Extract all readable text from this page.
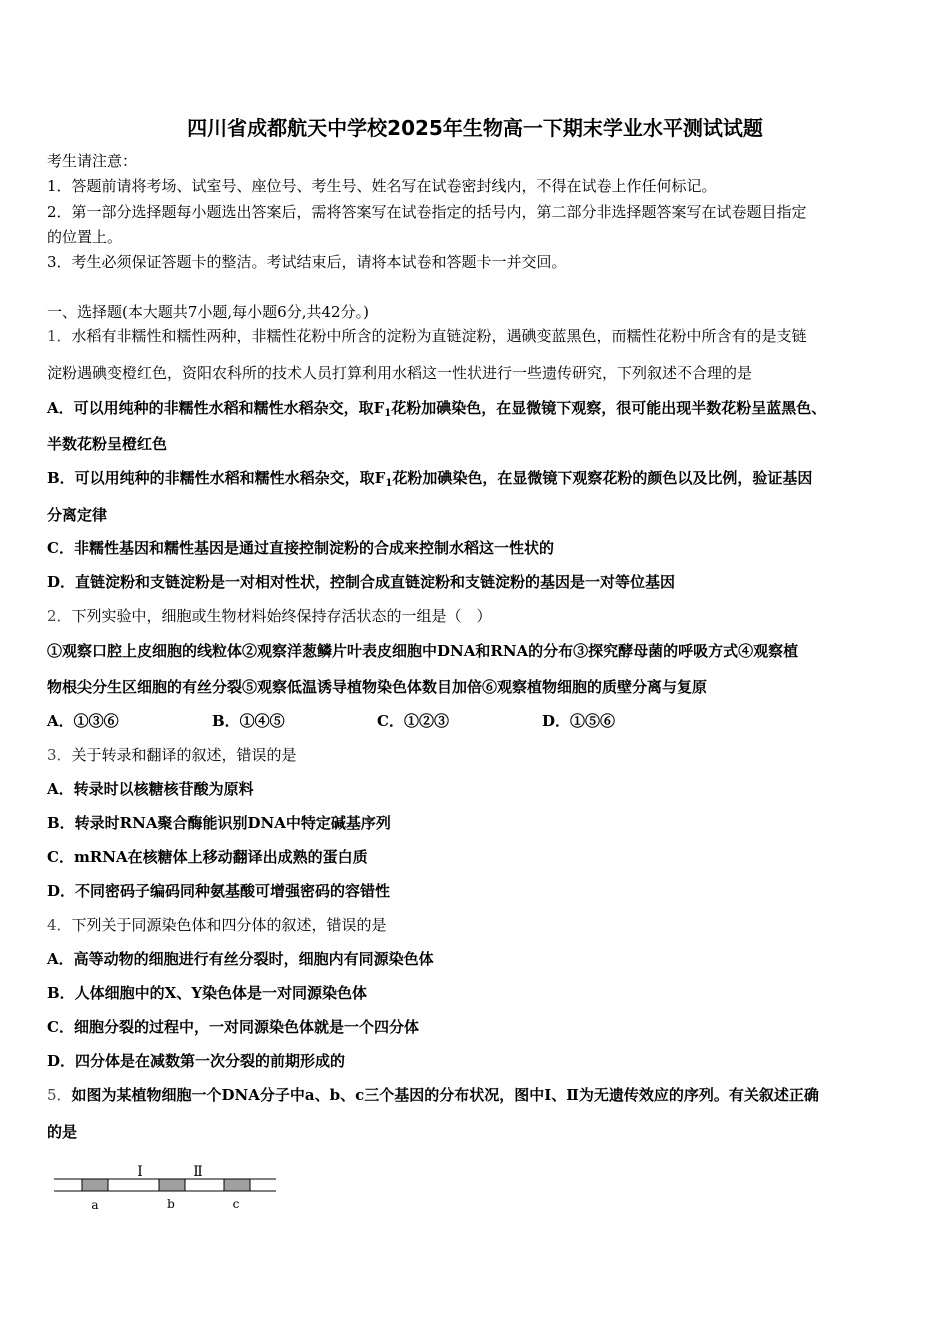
四川省成都航天中学校2025年生物高一下期末学业水平测试试题
考生请注意：
1．答题前请将考场、试室号、座位号、考生号、姓名写在试卷密封线内，不得在试卷上作任何标记。
2．第一部分选择题每小题选出答案后，需将答案写在试卷指定的括号内，第二部分非选择题答案写在试卷题目指定
的位置上。
3．考生必须保证答题卡的整洁。考试结束后，请将本试卷和答题卡一并交回。
一、选择题(本大题共7小题,每小题6分,共42分。)
1．水稻有非糯性和糯性两种，非糯性花粉中所含的淀粉为直链淀粉，遇碘变蓝黑色，而糯性花粉中所含有的是支链
淀粉遇碘变橙红色，资阳农科所的技术人员打算利用水稻这一性状进行一些遗传研究，下列叙述不合理的是
A．可以用纯种的非糯性水稻和糯性水稻杂交，取$F_1$花粉加碘染色，在显微镜下观察，很可能出现半数花粉呈蓝黑色、
半数花粉呈橙红色
B．可以用纯种的非糯性水稻和糯性水稻杂交，取$F_1$花粉加碘染色，在显微镜下观察花粉的颜色以及比例，验证基因
分离定律
C．非糯性基因和糯性基因是通过直接控制淀粉的合成来控制水稻这一性状的
D．直链淀粉和支链淀粉是一对相对性状，控制合成直链淀粉和支链淀粉的基因是一对等位基因
2．下列实验中，细胞或生物材料始终保持存活状态的一组是（　）
①观察口腔上皮细胞的线粒体②观察洋葱鳞片叶表皮细胞中DNA和RNA的分布③探究酵母菌的呼吸方式④观察植
物根尖分生区细胞的有丝分裂⑤观察低温诱导植物染色体数目加倍⑥观察植物细胞的质壁分离与复原
A．①③⑥	B．①④⑤	C．①②③	D．①⑤⑥
3．关于转录和翻译的叙述，错误的是
A．转录时以核糖核苷酸为原料
B．转录时RNA聚合酶能识别DNA中特定碱基序列
C．mRNA在核糖体上移动翻译出成熟的蛋白质
D．不同密码子编码同种氨基酸可增强密码的容错性
4．下列关于同源染色体和四分体的叙述，错误的是
A．高等动物的细胞进行有丝分裂时，细胞内有同源染色体
B．人体细胞中的X、Y染色体是一对同源染色体
C．细胞分裂的过程中，一对同源染色体就是一个四分体
D．四分体是在减数第一次分裂的前期形成的
5．如图为某植物细胞一个DNA分子中a、b、c三个基因的分布状况，图中Ⅰ、Ⅱ为无遗传效应的序列。有关叙述正确
的是
Ⅰ	Ⅱ
a	b	c
